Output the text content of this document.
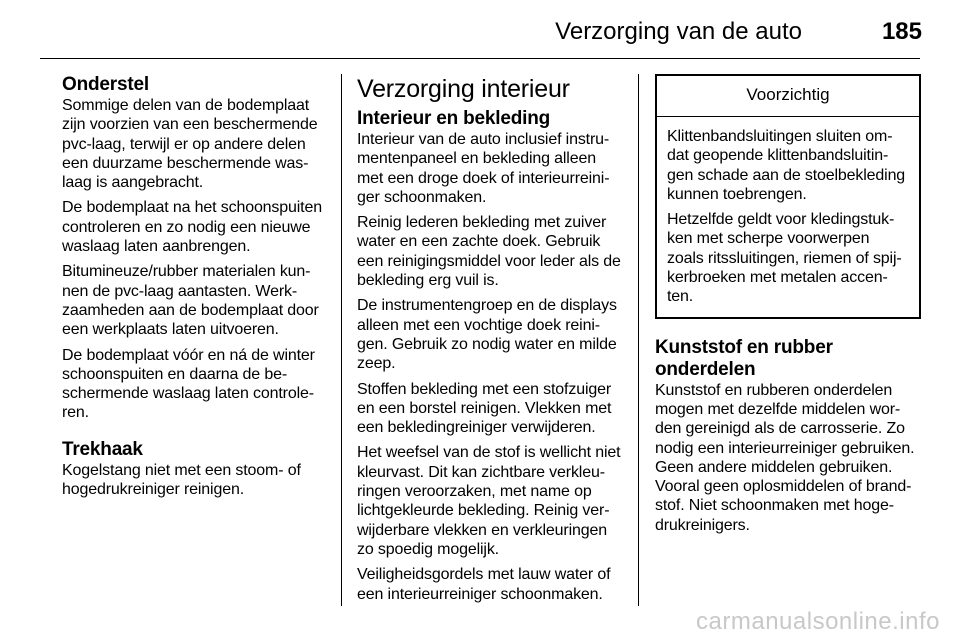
Verzorging van de auto	185
Onderstel
Sommige delen van de bodemplaat zijn voorzien van een beschermende pvc-laag, terwijl er op andere delen een duurzame beschermende was-laag is aangebracht.
De bodemplaat na het schoonspuiten controleren en zo nodig een nieuwe waslaag laten aanbrengen.
Bitumineuze/rubber materialen kun-nen de pvc-laag aantasten. Werk-zaamheden aan de bodemplaat door een werkplaats laten uitvoeren.
De bodemplaat vóór en ná de winter schoonspuiten en daarna de be-schermende waslaag laten controle-ren.
Trekhaak
Kogelstang niet met een stoom- of hogedrukreiniger reinigen.
Verzorging interieur
Interieur en bekleding
Interieur van de auto inclusief instru-mentenpaneel en bekleding alleen met een droge doek of interieurreini-ger schoonmaken.
Reinig lederen bekleding met zuiver water en een zachte doek. Gebruik een reinigingsmiddel voor leder als de bekleding erg vuil is.
De instrumentengroep en de displays alleen met een vochtige doek reini-gen. Gebruik zo nodig water en milde zeep.
Stoffen bekleding met een stofzuiger en een borstel reinigen. Vlekken met een bekledingreiniger verwijderen.
Het weefsel van de stof is wellicht niet kleurvast. Dit kan zichtbare verkleu-ringen veroorzaken, met name op lichtgekleurde bekleding. Reinig ver-wijderbare vlekken en verkleuringen zo spoedig mogelijk.
Veiligheidsgordels met lauw water of een interieurreiniger schoonmaken.
Voorzichtig
Klittenbandsluitingen sluiten om-dat geopende klittenbandsluitin-gen schade aan de stoelbekleding kunnen toebrengen.
Hetzelfde geldt voor kledingstuk-ken met scherpe voorwerpen zoals ritssluitingen, riemen of spij-kerbroeken met metalen accen-ten.
Kunststof en rubber onderdelen
Kunststof en rubberen onderdelen mogen met dezelfde middelen wor-den gereinigd als de carrosserie. Zo nodig een interieurreiniger gebruiken. Geen andere middelen gebruiken. Vooral geen oplosmiddelen of brand-stof. Niet schoonmaken met hoge-drukreinigers.
carmanualsonline.info
